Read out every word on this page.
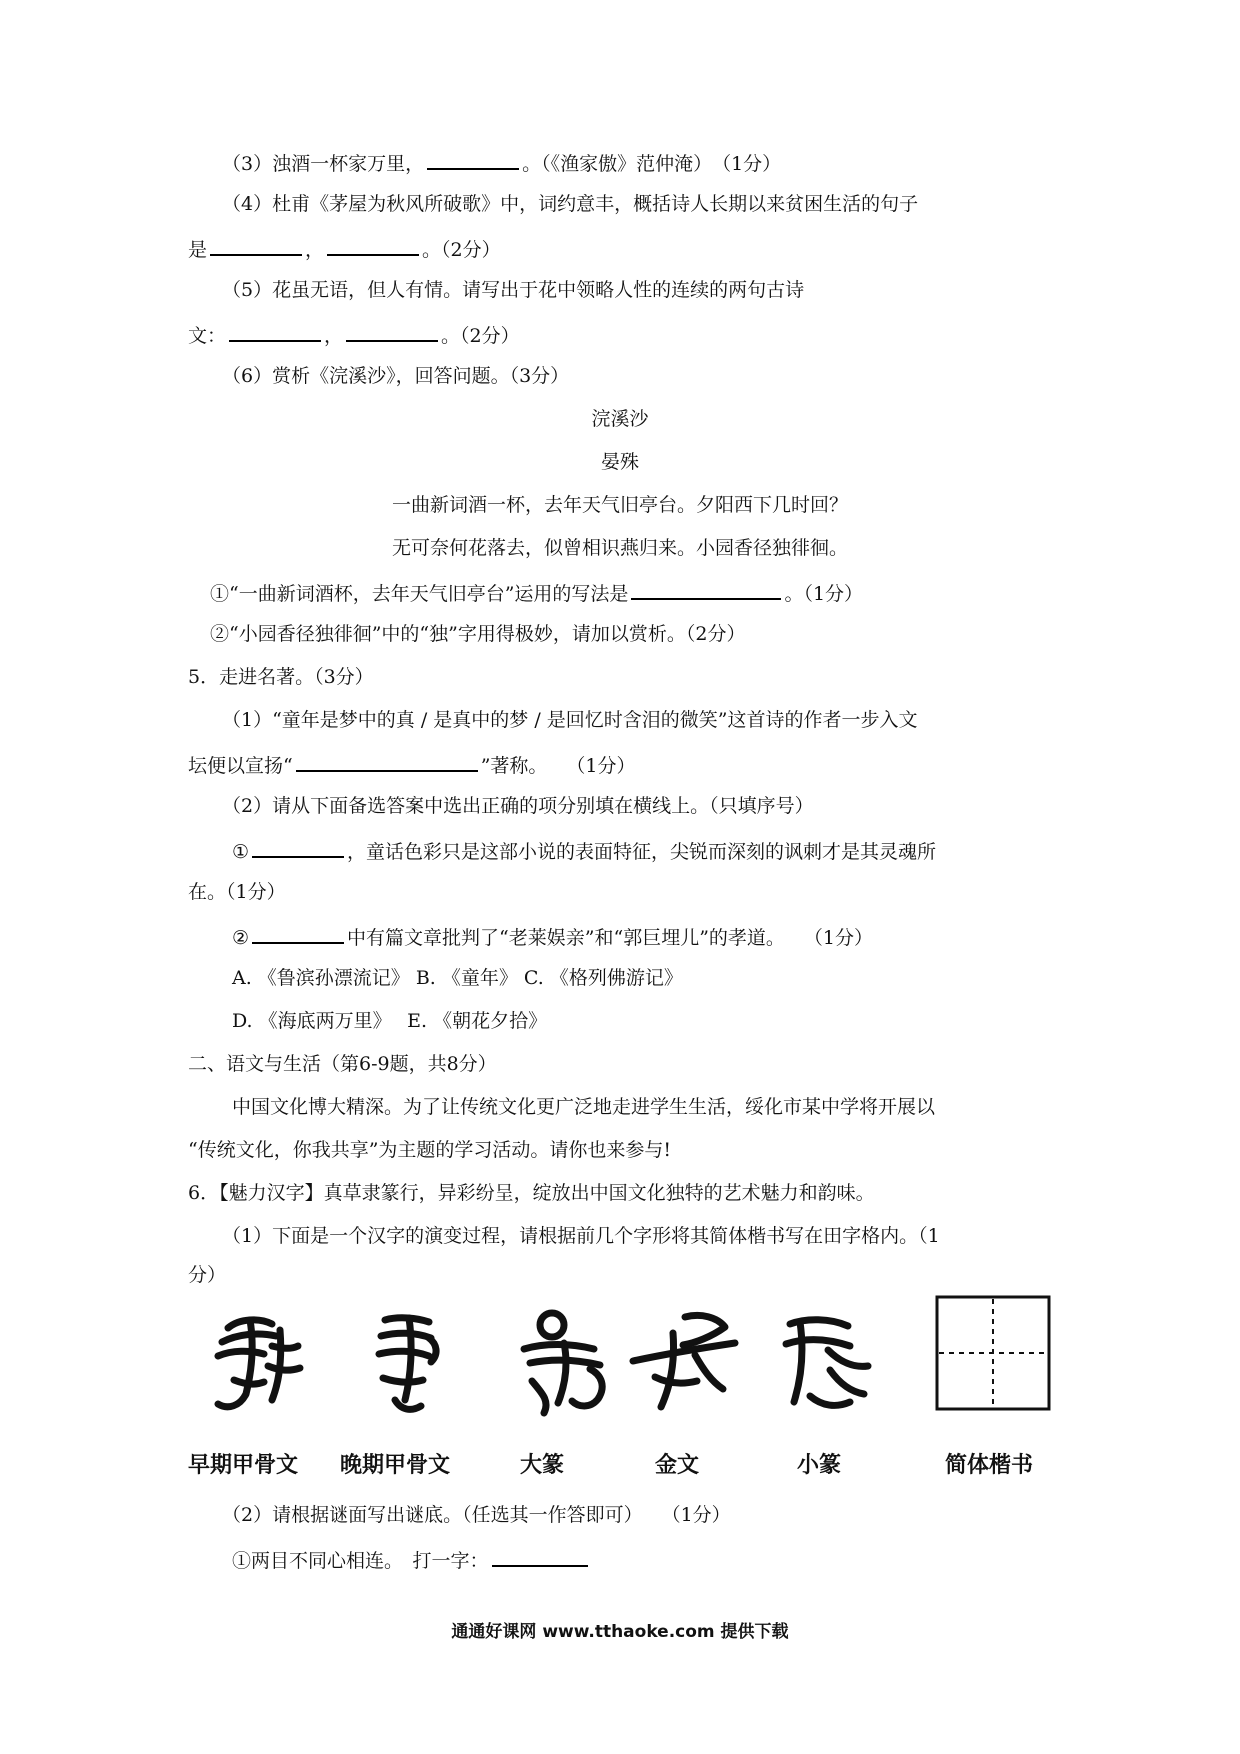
（3）浊酒一杯家万里，	。（《渔家傲》范仲淹）　（1分）
（4）杜甫《茅屋为秋风所破歌》中，词约意丰，概括诗人长期以来贫困生活的句子
是	，	。（2分）
（5）花虽无语，但人有情。请写出于花中领略人性的连续的两句古诗
文：	，	。（2分）
（6）赏析《浣溪沙》，回答问题。（3分）
浣溪沙
晏殊
一曲新词酒一杯，去年天气旧亭台。夕阳西下几时回？
无可奈何花落去，似曾相识燕归来。小园香径独徘徊。
①“一曲新词酒杯，去年天气旧亭台”运用的写法是	。（1分）
②“小园香径独徘徊”中的“独”字用得极妙，请加以赏析。（2分）
5．走进名著。（3分）
（1）“童年是梦中的真 / 是真中的梦 / 是回忆时含泪的微笑”这首诗的作者一步入文
坛便以宣扬“	”著称。　　（1分）
（2）请从下面备选答案中选出正确的项分别填在横线上。（只填序号）
①	，童话色彩只是这部小说的表面特征，尖锐而深刻的讽刺才是其灵魂所
在。（1分）
②	中有篇文章批判了“老莱娱亲”和“郭巨埋儿”的孝道。　　（1分）
A. 《鲁滨孙漂流记》 B. 《童年》 C. 《格列佛游记》
D. 《海底两万里》　 E. 《朝花夕拾》
二、语文与生活（第6-9题，共8分）
中国文化博大精深。为了让传统文化更广泛地走进学生生活，绥化市某中学将开展以
“传统文化，你我共享”为主题的学习活动。请你也来参与!
6．【魅力汉字】真草隶篆行，异彩纷呈，绽放出中国文化独特的艺术魅力和韵味。
（1）下面是一个汉字的演变过程，请根据前几个字形将其简体楷书写在田字格内。（1
分）
早期甲骨文 晚期甲骨文	大篆	金文	小篆	简体楷书
（2）请根据谜面写出谜底。（任选其一作答即可）　　（1分）
①两目不同心相连。　打一字：
通通好课网 www.tthaoke.com 提供下载
